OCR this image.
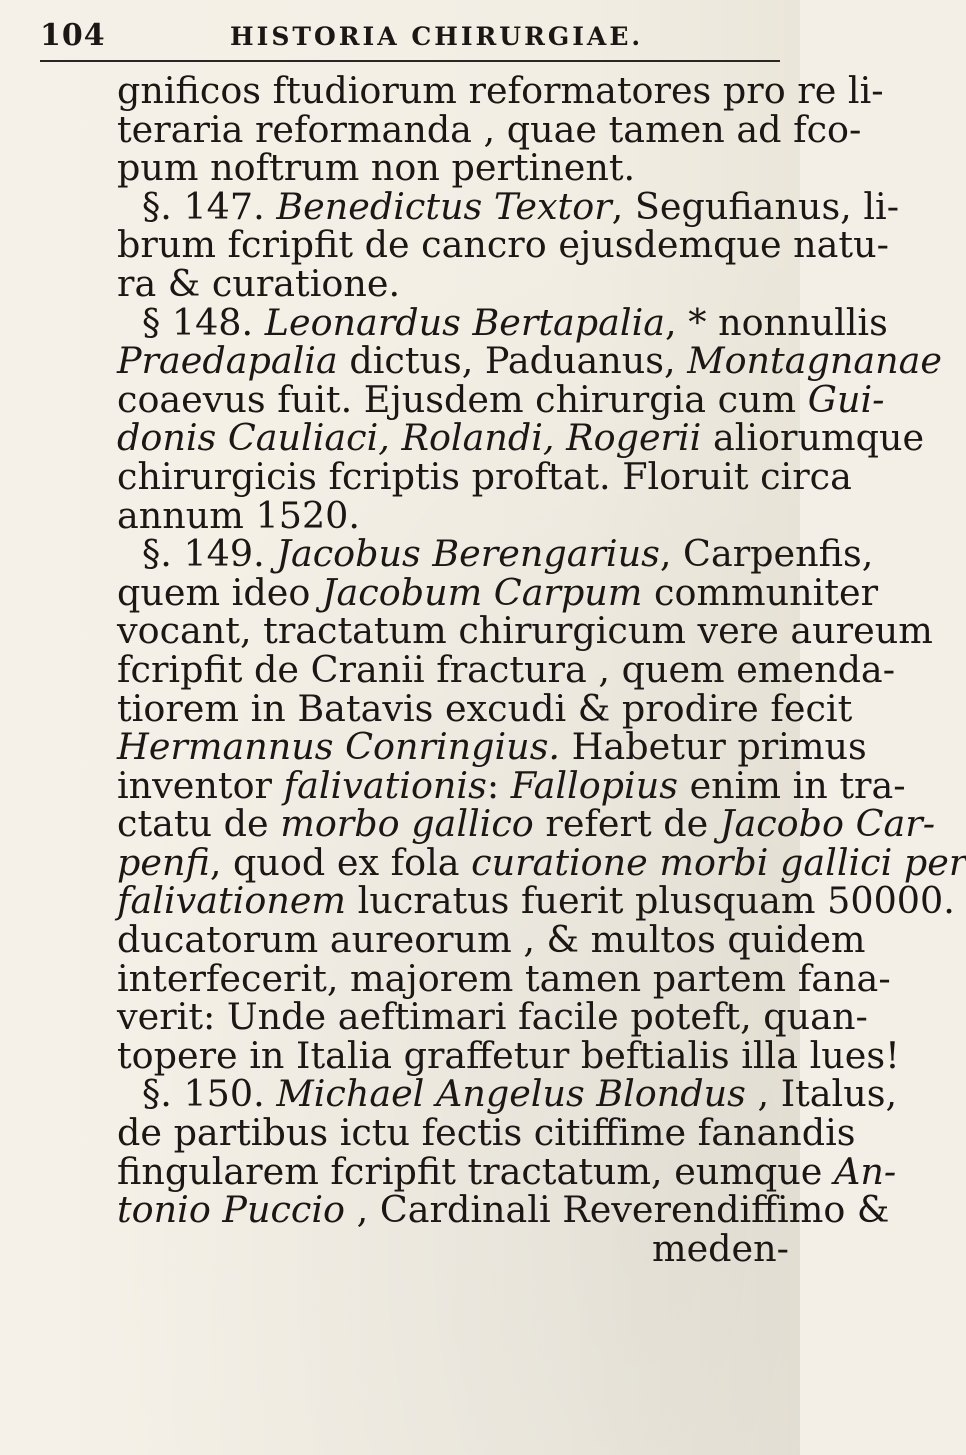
104	HISTORIA CHIRURGIAE.
gnificos ftudiorum reformatores pro re li-
teraria reformanda , quae tamen ad fco-
pum noftrum non pertinent.
§. 147. Benedictus Textor, Segufianus, li-
brum fcripfit de cancro ejusdemque natu-
ra & curatione.
§ 148. Leonardus Bertapalia, * nonnullis
Praedapalia dictus, Paduanus, Montagnanae
coaevus fuit. Ejusdem chirurgia cum Gui-
donis Cauliaci, Rolandi, Rogerii aliorumque
chirurgicis fcriptis proftat. Floruit circa
annum 1520.
§. 149. Jacobus Berengarius, Carpenfis,
quem ideo Jacobum Carpum communiter
vocant, tractatum chirurgicum vere aureum
fcripfit de Cranii fractura , quem emenda-
tiorem in Batavis excudi & prodire fecit
Hermannus Conringius. Habetur primus
inventor falivationis: Fallopius enim in tra-
ctatu de morbo gallico refert de Jacobo Car-
penfi, quod ex fola curatione morbi gallici per
falivationem lucratus fuerit plusquam 50000.
ducatorum aureorum , & multos quidem
interfecerit, majorem tamen partem fana-
verit: Unde aeftimari facile poteft, quan-
topere in Italia graffetur beftialis illa lues!
§. 150. Michael Angelus Blondus , Italus,
de partibus ictu fectis citiffime fanandis
fingularem fcripfit tractatum, eumque An-
tonio Puccio , Cardinali Reverendiffimo &
meden-
